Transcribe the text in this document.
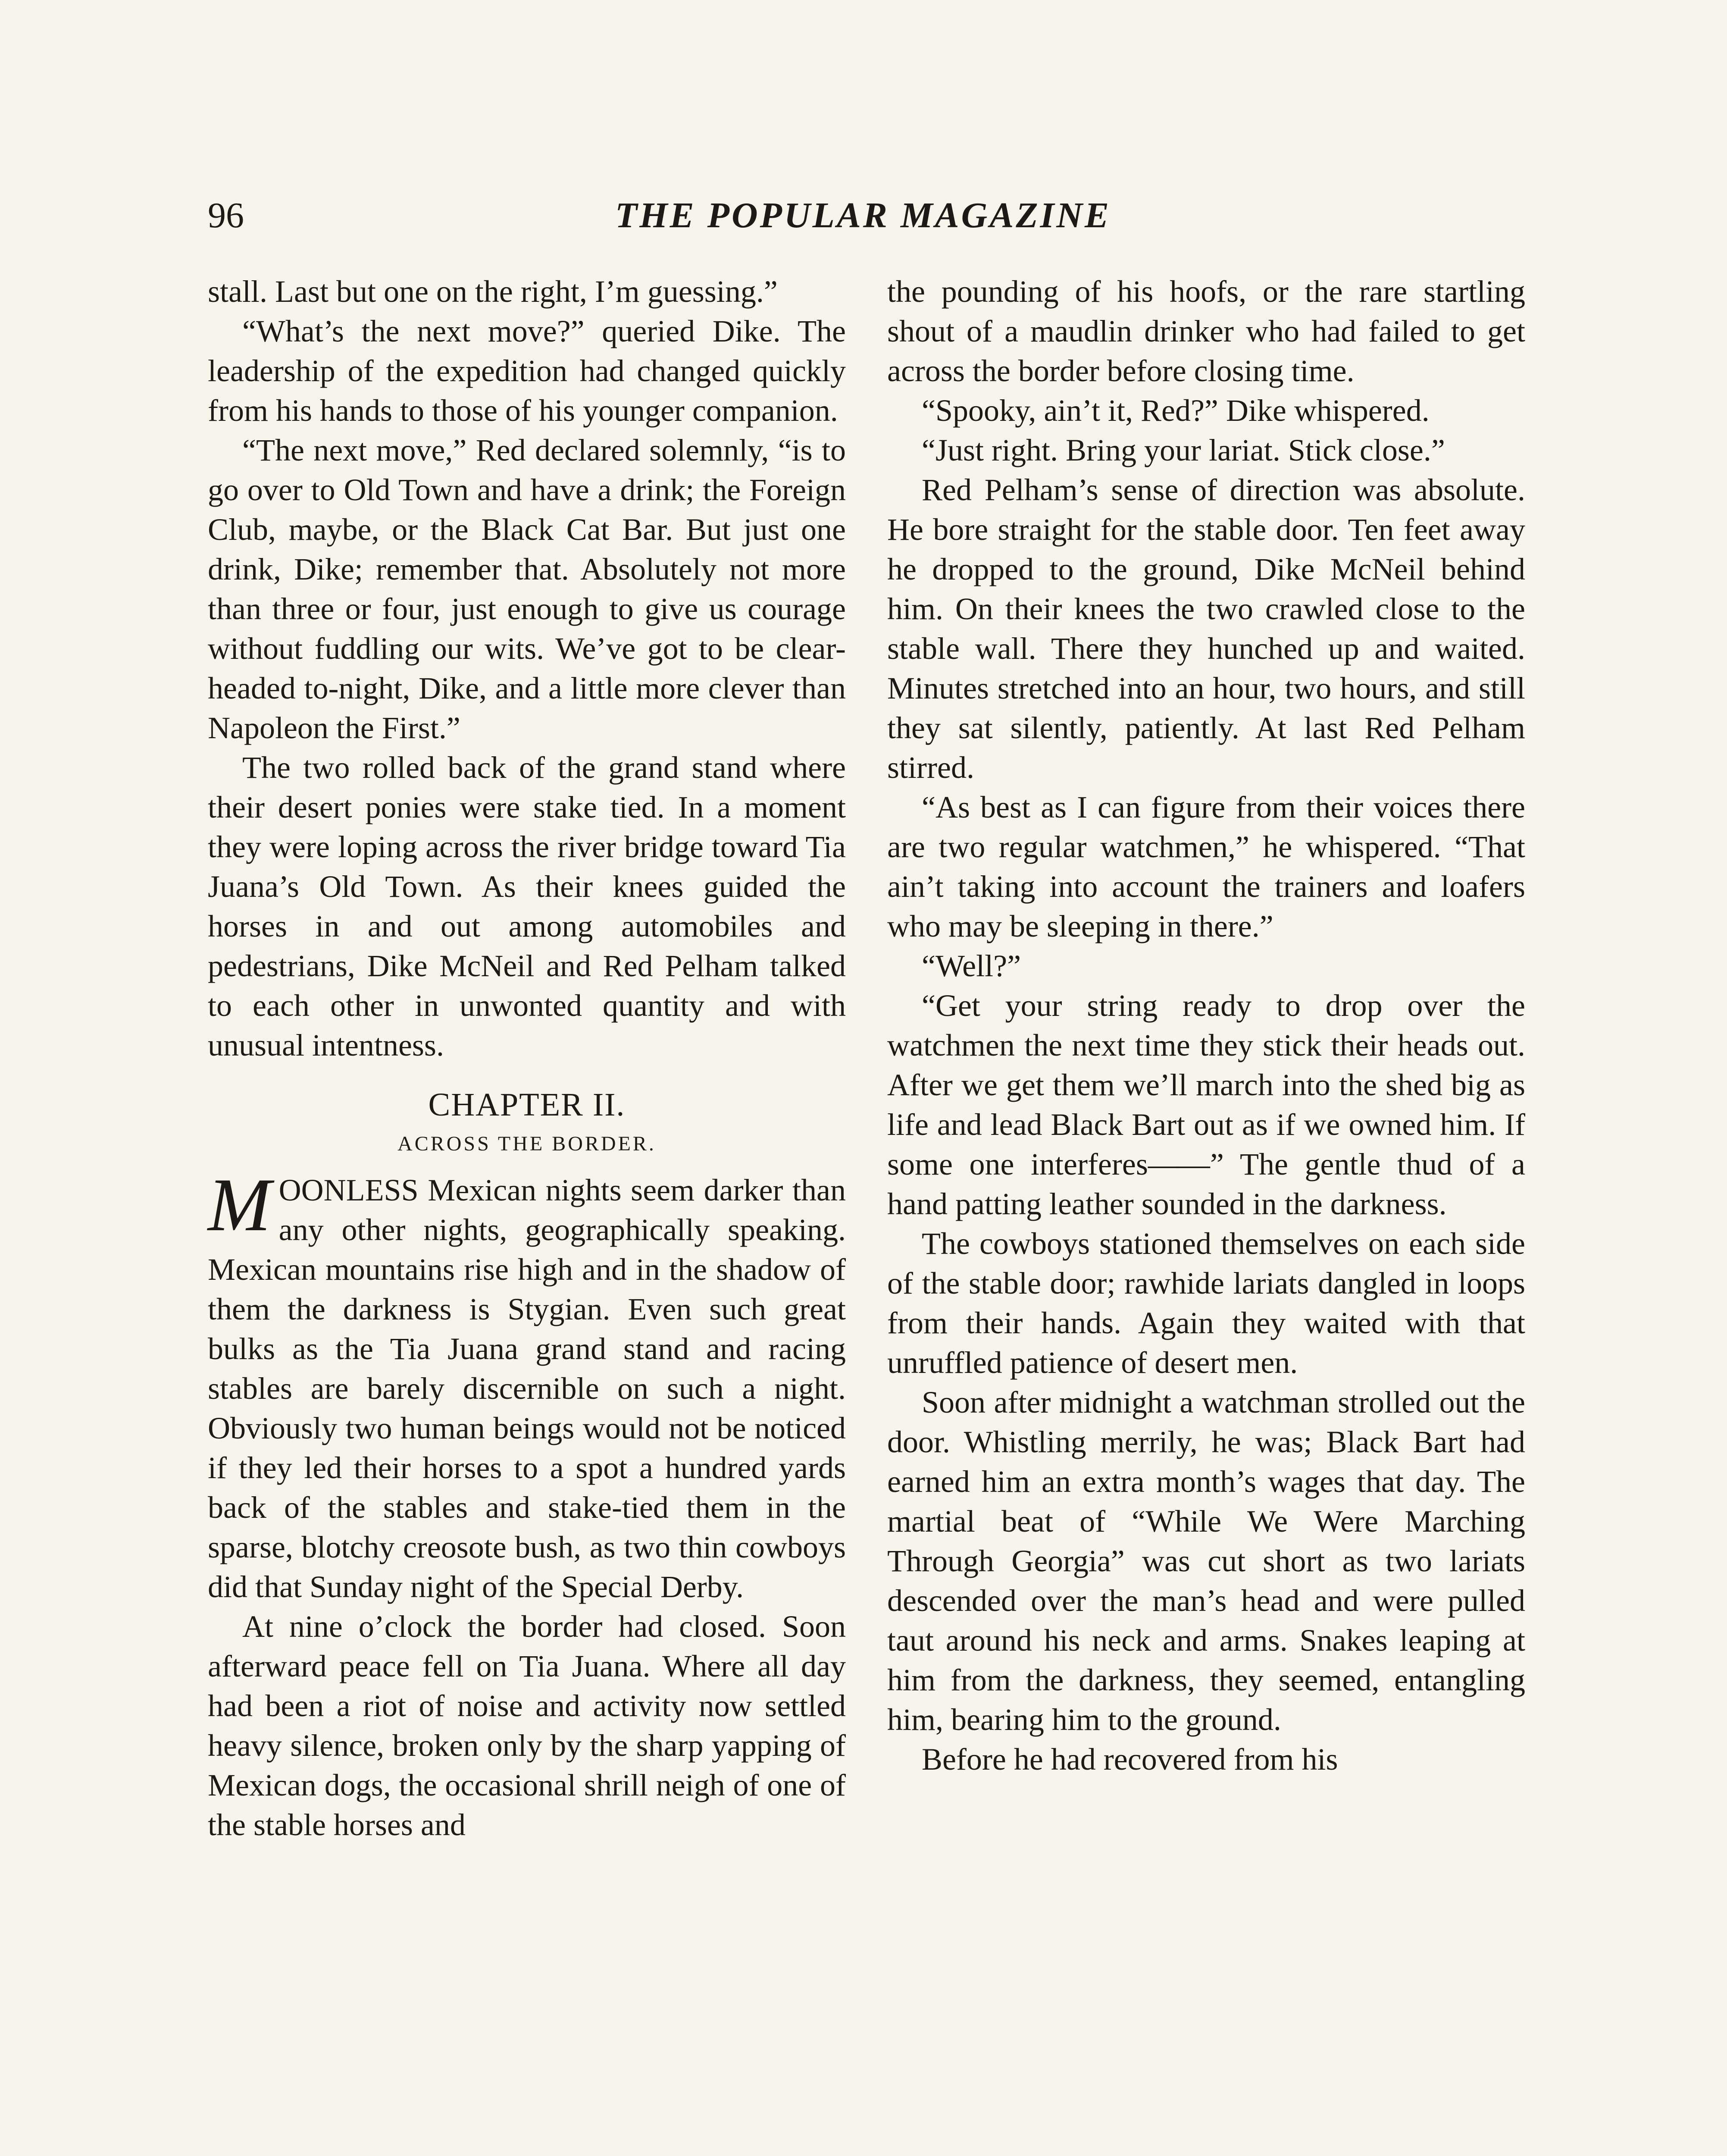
96	THE POPULAR MAGAZINE

stall. Last but one on the right, I’m guessing.”

“What’s the next move?” queried Dike. The leadership of the expedition had changed quickly from his hands to those of his younger companion.

“The next move,” Red declared solemnly, “is to go over to Old Town and have a drink; the Foreign Club, maybe, or the Black Cat Bar. But just one drink, Dike; remember that. Absolutely not more than three or four, just enough to give us courage without fuddling our wits. We’ve got to be clear-headed to-night, Dike, and a little more clever than Napoleon the First.”

The two rolled back of the grand stand where their desert ponies were stake tied. In a moment they were loping across the river bridge toward Tia Juana’s Old Town. As their knees guided the horses in and out among automobiles and pedestrians, Dike McNeil and Red Pelham talked to each other in unwonted quantity and with unusual intentness.

CHAPTER II.
ACROSS THE BORDER.

MOONLESS Mexican nights seem darker than any other nights, geographically speaking. Mexican mountains rise high and in the shadow of them the darkness is Stygian. Even such great bulks as the Tia Juana grand stand and racing stables are barely discernible on such a night. Obviously two human beings would not be noticed if they led their horses to a spot a hundred yards back of the stables and stake-tied them in the sparse, blotchy creosote bush, as two thin cowboys did that Sunday night of the Special Derby.

At nine o’clock the border had closed. Soon afterward peace fell on Tia Juana. Where all day had been a riot of noise and activity now settled heavy silence, broken only by the sharp yapping of Mexican dogs, the occasional shrill neigh of one of the stable horses and

the pounding of his hoofs, or the rare startling shout of a maudlin drinker who had failed to get across the border before closing time.

“Spooky, ain’t it, Red?” Dike whispered.

“Just right. Bring your lariat. Stick close.”

Red Pelham’s sense of direction was absolute. He bore straight for the stable door. Ten feet away he dropped to the ground, Dike McNeil behind him. On their knees the two crawled close to the stable wall. There they hunched up and waited. Minutes stretched into an hour, two hours, and still they sat silently, patiently. At last Red Pelham stirred.

“As best as I can figure from their voices there are two regular watchmen,” he whispered. “That ain’t taking into account the trainers and loafers who may be sleeping in there.”

“Well?”

“Get your string ready to drop over the watchmen the next time they stick their heads out. After we get them we’ll march into the shed big as life and lead Black Bart out as if we owned him. If some one interferes——” The gentle thud of a hand patting leather sounded in the darkness.

The cowboys stationed themselves on each side of the stable door; rawhide lariats dangled in loops from their hands. Again they waited with that unruffled patience of desert men.

Soon after midnight a watchman strolled out the door. Whistling merrily, he was; Black Bart had earned him an extra month’s wages that day. The martial beat of “While We Were Marching Through Georgia” was cut short as two lariats descended over the man’s head and were pulled taut around his neck and arms. Snakes leaping at him from the darkness, they seemed, entangling him, bearing him to the ground.

Before he had recovered from his
